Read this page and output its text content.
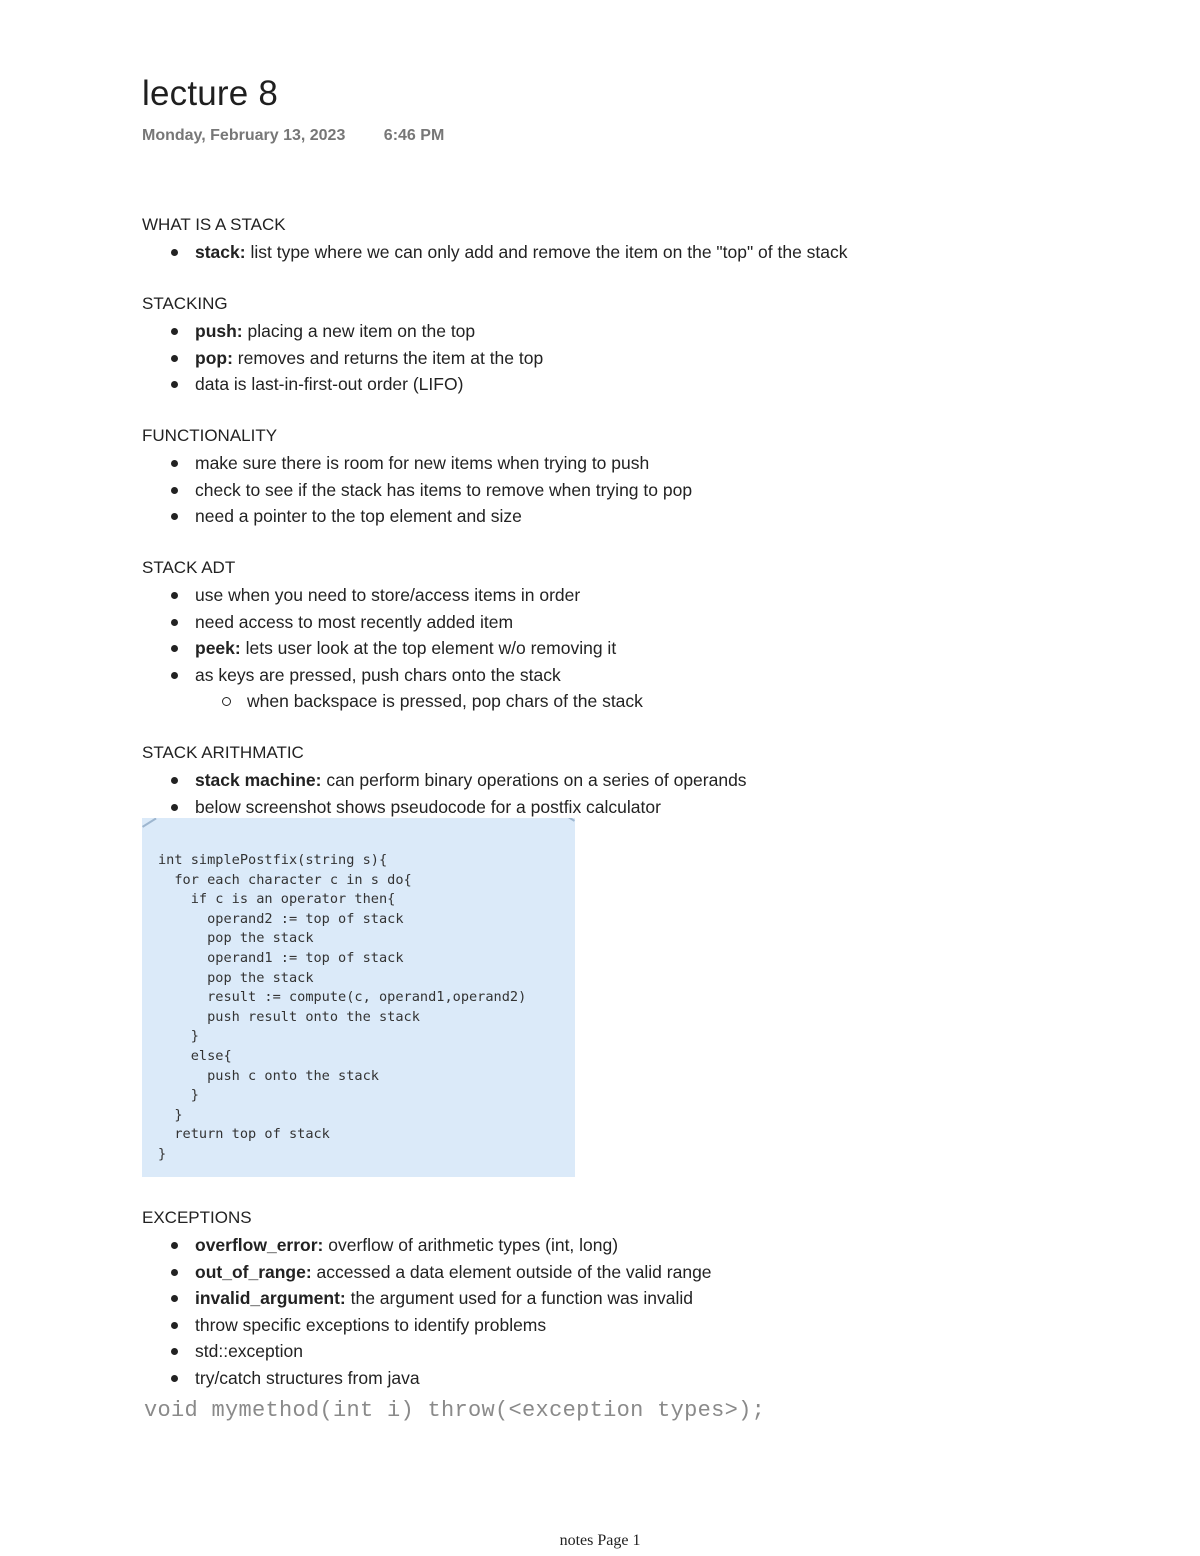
lecture 8
Monday, February 13, 2023 6:46 PM
WHAT IS A STACK
stack: list type where we can only add and remove the item on the "top" of the stack
STACKING
push: placing a new item on the top
pop: removes and returns the item at the top
data is last-in-first-out order (LIFO)
FUNCTIONALITY
make sure there is room for new items when trying to push
check to see if the stack has items to remove when trying to pop
need a pointer to the top element and size
STACK ADT
use when you need to store/access items in order
need access to most recently added item
peek: lets user look at the top element w/o removing it
as keys are pressed, push chars onto the stack
when backspace is pressed, pop chars of the stack
STACK ARITHMATIC
stack machine: can perform binary operations on a series of operands
below screenshot shows pseudocode for a postfix calculator
int simplePostfix(string s){
for each character c in s do{
if c is an operator then{
operand2 := top of stack
pop the stack
operand1 := top of stack
pop the stack
result := compute(c, operand1,operand2)
push result onto the stack
}
else{
push c onto the stack
}
}
return top of stack
}
EXCEPTIONS
overflow_error: overflow of arithmetic types (int, long)
out_of_range: accessed a data element outside of the valid range
invalid_argument: the argument used for a function was invalid
throw specific exceptions to identify problems
std::exception
try/catch structures from java
void mymethod(int i) throw(<exception types>);
notes Page 1
